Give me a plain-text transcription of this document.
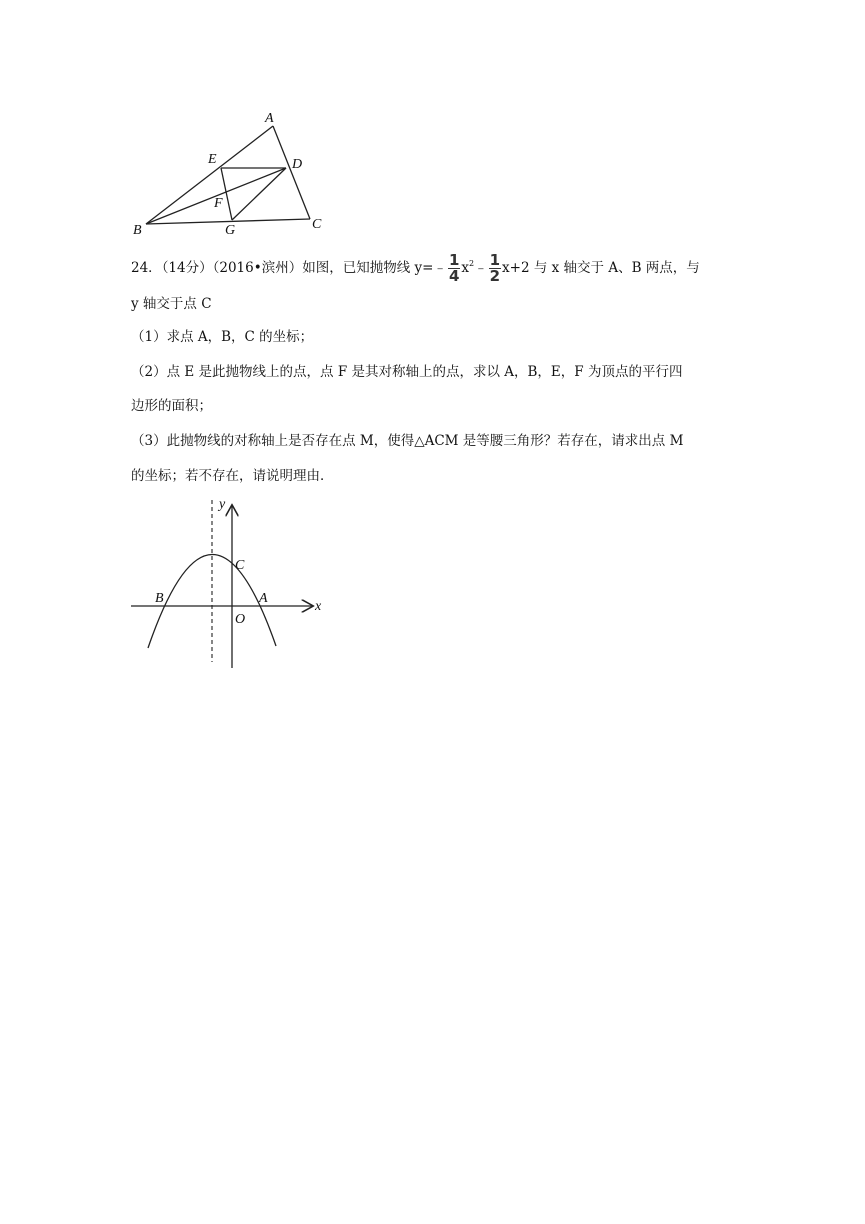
A
B	C
D
E
F
G
24．（14分）（2016•滨州）如图，已知抛物线 y=﹣ $\frac{1}{4}$ $x^2﹣ \frac{1}{2} x+2$ 与 x 轴交于 A、B 两点，与
y 轴交于点 C
（1）求点 A，B，C 的坐标；
（2）点 E 是此抛物线上的点，点 F 是其对称轴上的点，求以 A，B，E，F 为顶点的平行四
边形的面积；
（3）此抛物线的对称轴上是否存在点 M，使得△ACM 是等腰三角形？若存在，请求出点 M
的坐标；若不存在，请说明理由．
y
x
C
B	A
O
